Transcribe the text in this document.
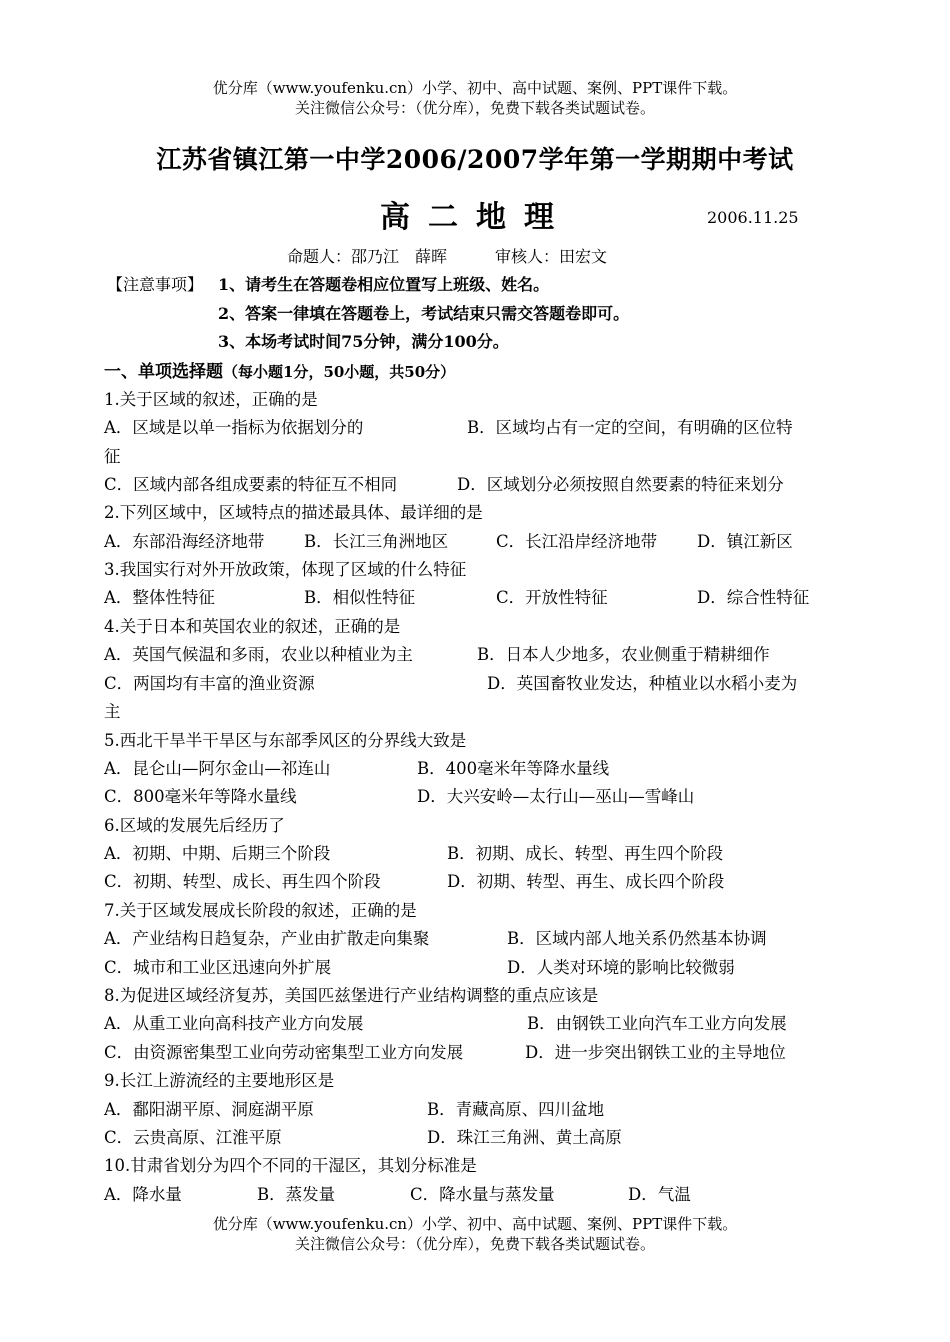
优分库（www.youfenku.cn）小学、初中、高中试题、案例、PPT课件下载。
关注微信公众号：（优分库），免费下载各类试题试卷。
江苏省镇江第一中学2006/2007学年第一学期期中考试
高二地理	2006.11.25
命题人：邵乃江　薛晖　　　审核人：田宏文
【注意事项】 1、请考生在答题卷相应位置写上班级、姓名。
2、答案一律填在答题卷上，考试结束只需交答题卷即可。
3、本场考试时间75分钟，满分100分。
一、单项选择题（每小题1分，50小题，共50分）
1.关于区域的叙述，正确的是
A．区域是以单一指标为依据划分的	B．区域均占有一定的空间，有明确的区位特
征
C．区域内部各组成要素的特征互不相同	D．区域划分必须按照自然要素的特征来划分
2.下列区域中，区域特点的描述最具体、最详细的是
A．东部沿海经济地带 B．长江三角洲地区	C．长江沿岸经济地带 D．镇江新区
3.我国实行对外开放政策，体现了区域的什么特征
A．整体性特征	B．相似性特征	C．开放性特征	D．综合性特征
4.关于日本和英国农业的叙述，正确的是
A．英国气候温和多雨，农业以种植业为主	B．日本人少地多，农业侧重于精耕细作
C．两国均有丰富的渔业资源	D．英国畜牧业发达，种植业以水稻小麦为
主
5.西北干旱半干旱区与东部季风区的分界线大致是
A．昆仑山—阿尔金山—祁连山	B．400毫米年等降水量线
C．800毫米年等降水量线	D．大兴安岭—太行山—巫山—雪峰山
6.区域的发展先后经历了
A．初期、中期、后期三个阶段	B．初期、成长、转型、再生四个阶段
C．初期、转型、成长、再生四个阶段	D．初期、转型、再生、成长四个阶段
7.关于区域发展成长阶段的叙述，正确的是
A．产业结构日趋复杂，产业由扩散走向集聚	B．区域内部人地关系仍然基本协调
C．城市和工业区迅速向外扩展	D．人类对环境的影响比较微弱
8.为促进区域经济复苏，美国匹兹堡进行产业结构调整的重点应该是
A．从重工业向高科技产业方向发展	B．由钢铁工业向汽车工业方向发展
C．由资源密集型工业向劳动密集型工业方向发展	D．进一步突出钢铁工业的主导地位
9.长江上游流经的主要地形区是
A．鄱阳湖平原、洞庭湖平原	B．青藏高原、四川盆地
C．云贵高原、江淮平原	D．珠江三角洲、黄土高原
10.甘肃省划分为四个不同的干湿区，其划分标准是
A．降水量	B．蒸发量	C．降水量与蒸发量	D．气温
优分库（www.youfenku.cn）小学、初中、高中试题、案例、PPT课件下载。
关注微信公众号：（优分库），免费下载各类试题试卷。
